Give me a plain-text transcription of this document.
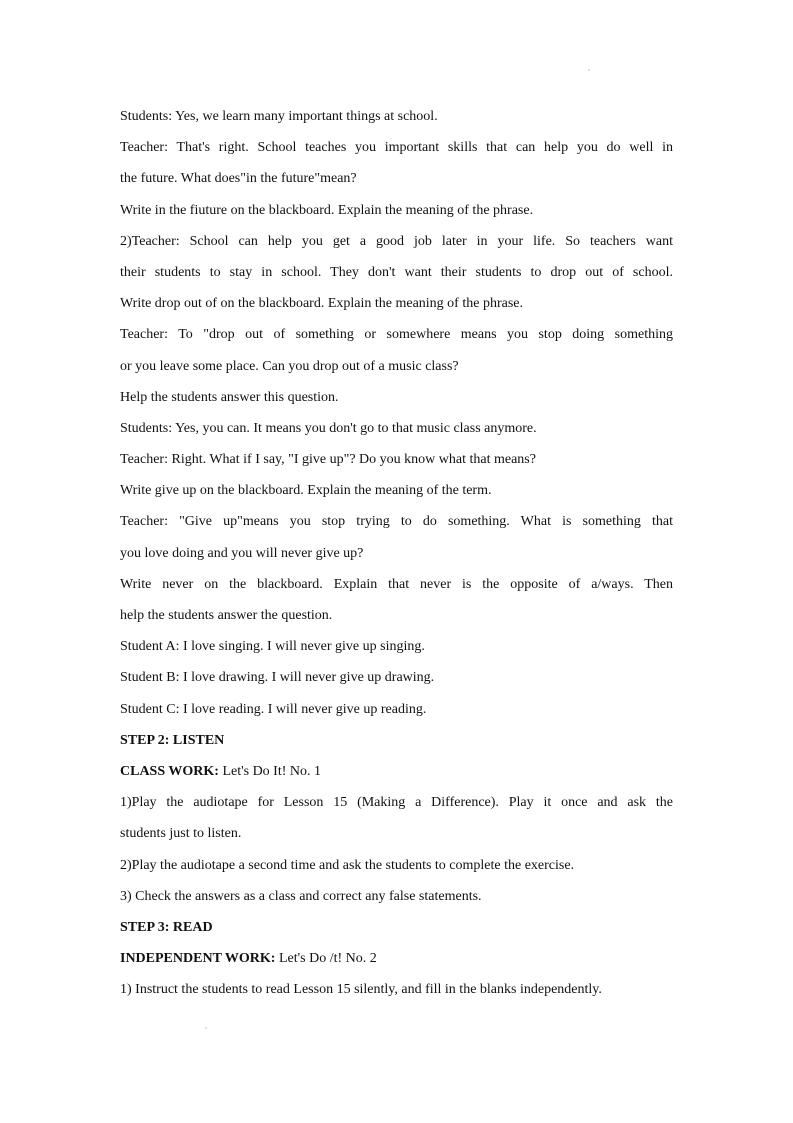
Students: Yes, we learn many important things at school.
Teacher: That's right. School teaches you important skills that can help you do well in
the future. What does"in the future"mean?
Write in the fiuture on the blackboard. Explain the meaning of the phrase.
2)Teacher: School can help you get a good job later in your life. So teachers want
their students to stay in school. They don't want their students to drop out of school.
Write drop out of on the blackboard. Explain the meaning of the phrase.
Teacher: To "drop out of something or somewhere means you stop doing something
or you leave some place. Can you drop out of a music class?
Help the students answer this question.
Students: Yes, you can. It means you don't go to that music class anymore.
Teacher: Right. What if I say, "I give up"? Do you know what that means?
Write give up on the blackboard. Explain the meaning of the term.
Teacher: "Give up"means you stop trying to do something. What is something that
you love doing and you will never give up?
Write never on the blackboard. Explain that never is the opposite of a/ways. Then
help the students answer the question.
Student A: I love singing. I will never give up singing.
Student B: I love drawing. I will never give up drawing.
Student C: I love reading. I will never give up reading.
STEP 2: LISTEN
CLASS WORK: Let's Do It! No. 1
1)Play the audiotape for Lesson 15 (Making a Difference). Play it once and ask the
students just to listen.
2)Play the audiotape a second time and ask the students to complete the exercise.
3) Check the answers as a class and correct any false statements.
STEP 3: READ
INDEPENDENT WORK: Let's Do /t! No. 2
1) Instruct the students to read Lesson 15 silently, and fill in the blanks independently.
